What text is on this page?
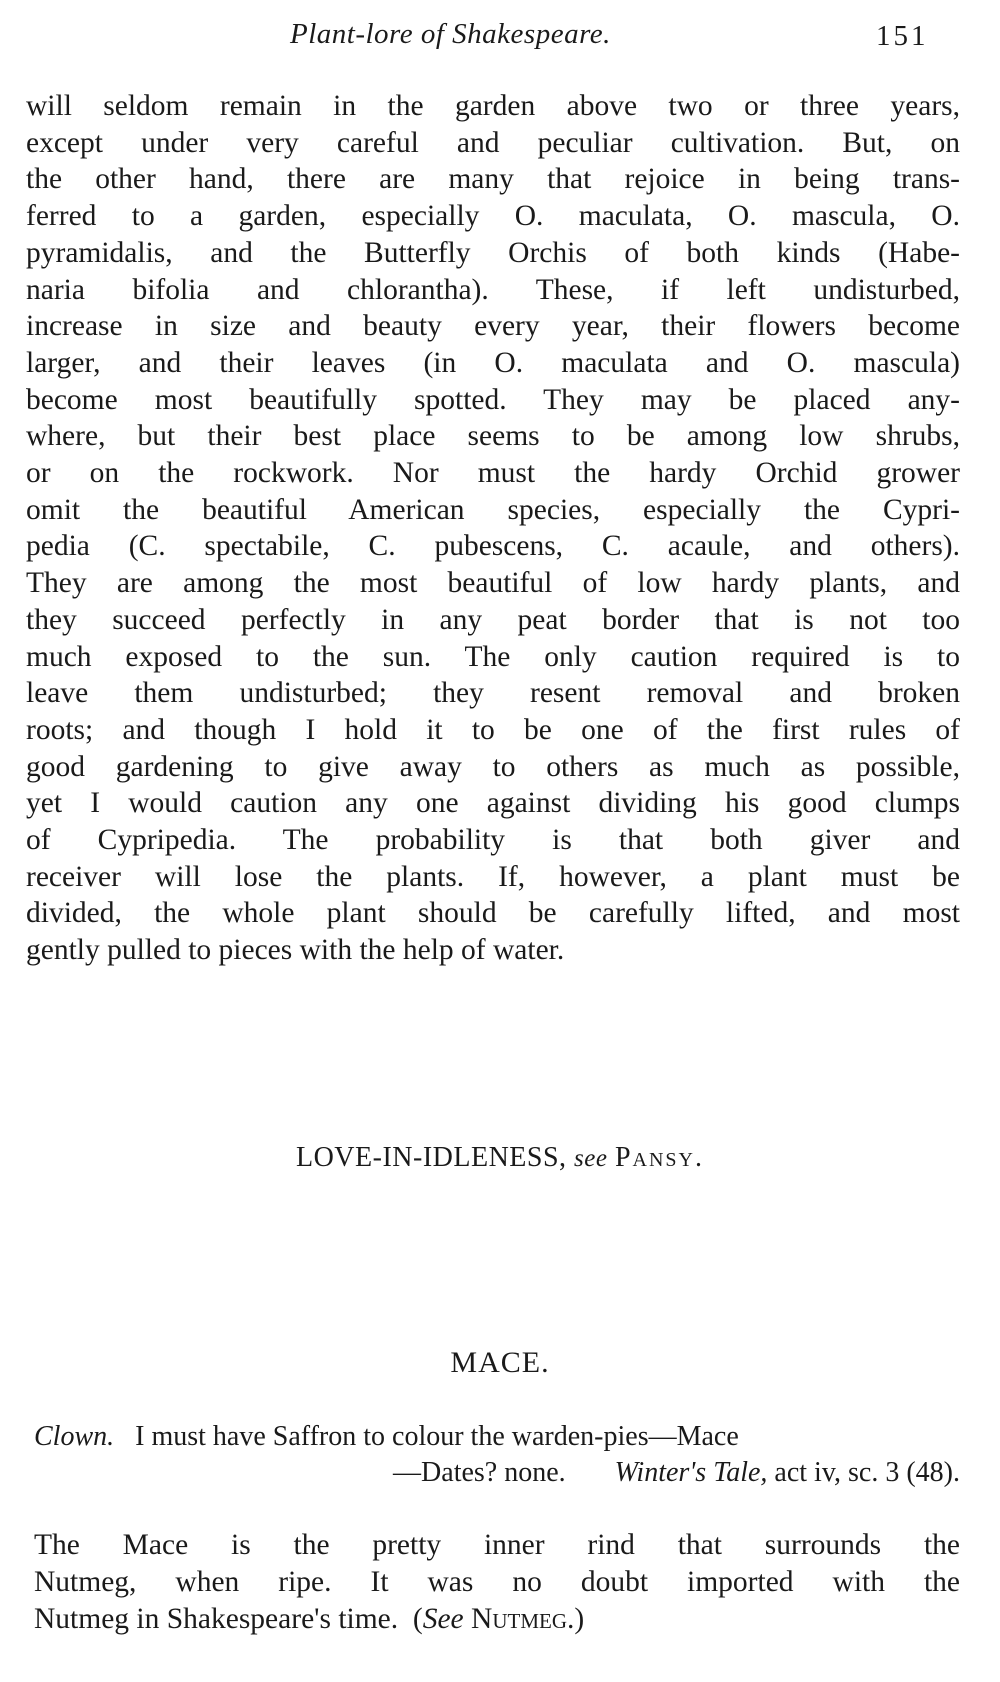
Plant-lore of Shakespeare.	151
will seldom remain in the garden above two or three years,
except under very careful and peculiar cultivation. But, on
the other hand, there are many that rejoice in being trans-
ferred to a garden, especially O. maculata, O. mascula, O.
pyramidalis, and the Butterfly Orchis of both kinds (Habe-
naria bifolia and chlorantha). These, if left undisturbed,
increase in size and beauty every year, their flowers become
larger, and their leaves (in O. maculata and O. mascula)
become most beautifully spotted. They may be placed any-
where, but their best place seems to be among low shrubs,
or on the rockwork. Nor must the hardy Orchid grower
omit the beautiful American species, especially the Cypri-
pedia (C. spectabile, C. pubescens, C. acaule, and others).
They are among the most beautiful of low hardy plants, and
they succeed perfectly in any peat border that is not too
much exposed to the sun. The only caution required is to
leave them undisturbed; they resent removal and broken
roots; and though I hold it to be one of the first rules of
good gardening to give away to others as much as possible,
yet I would caution any one against dividing his good clumps
of Cypripedia. The probability is that both giver and
receiver will lose the plants. If, however, a plant must be
divided, the whole plant should be carefully lifted, and most
gently pulled to pieces with the help of water.
LOVE-IN-IDLENESS, see Pansy.
MACE.
Clown. I must have Saffron to colour the warden-pies—Mace
—Dates? none. Winter's Tale, act iv, sc. 3 (48).
The Mace is the pretty inner rind that surrounds the
Nutmeg, when ripe. It was no doubt imported with the
Nutmeg in Shakespeare's time. (See Nutmeg.)
